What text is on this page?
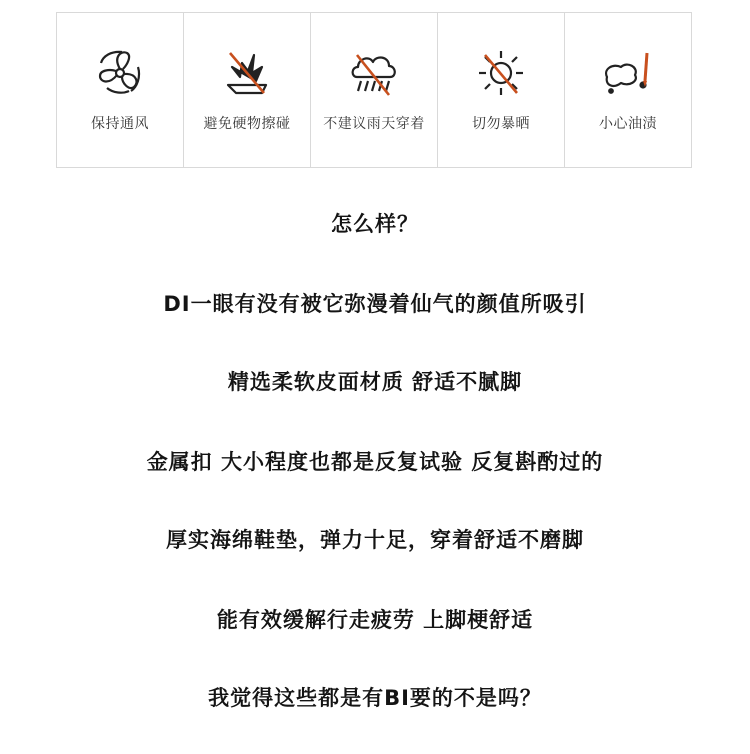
保持通风	避免硬物擦碰	不建议雨天穿着	切勿暴晒	小心油渍
怎么样？
DI一眼有没有被它弥漫着仙气的颜值所吸引
精选柔软皮面材质 舒适不腻脚
金属扣 大小程度也都是反复试验 反复斟酌过的
厚实海绵鞋垫，弹力十足，穿着舒适不磨脚
能有效缓解行走疲劳 上脚梗舒适
我觉得这些都是有BI要的不是吗？
